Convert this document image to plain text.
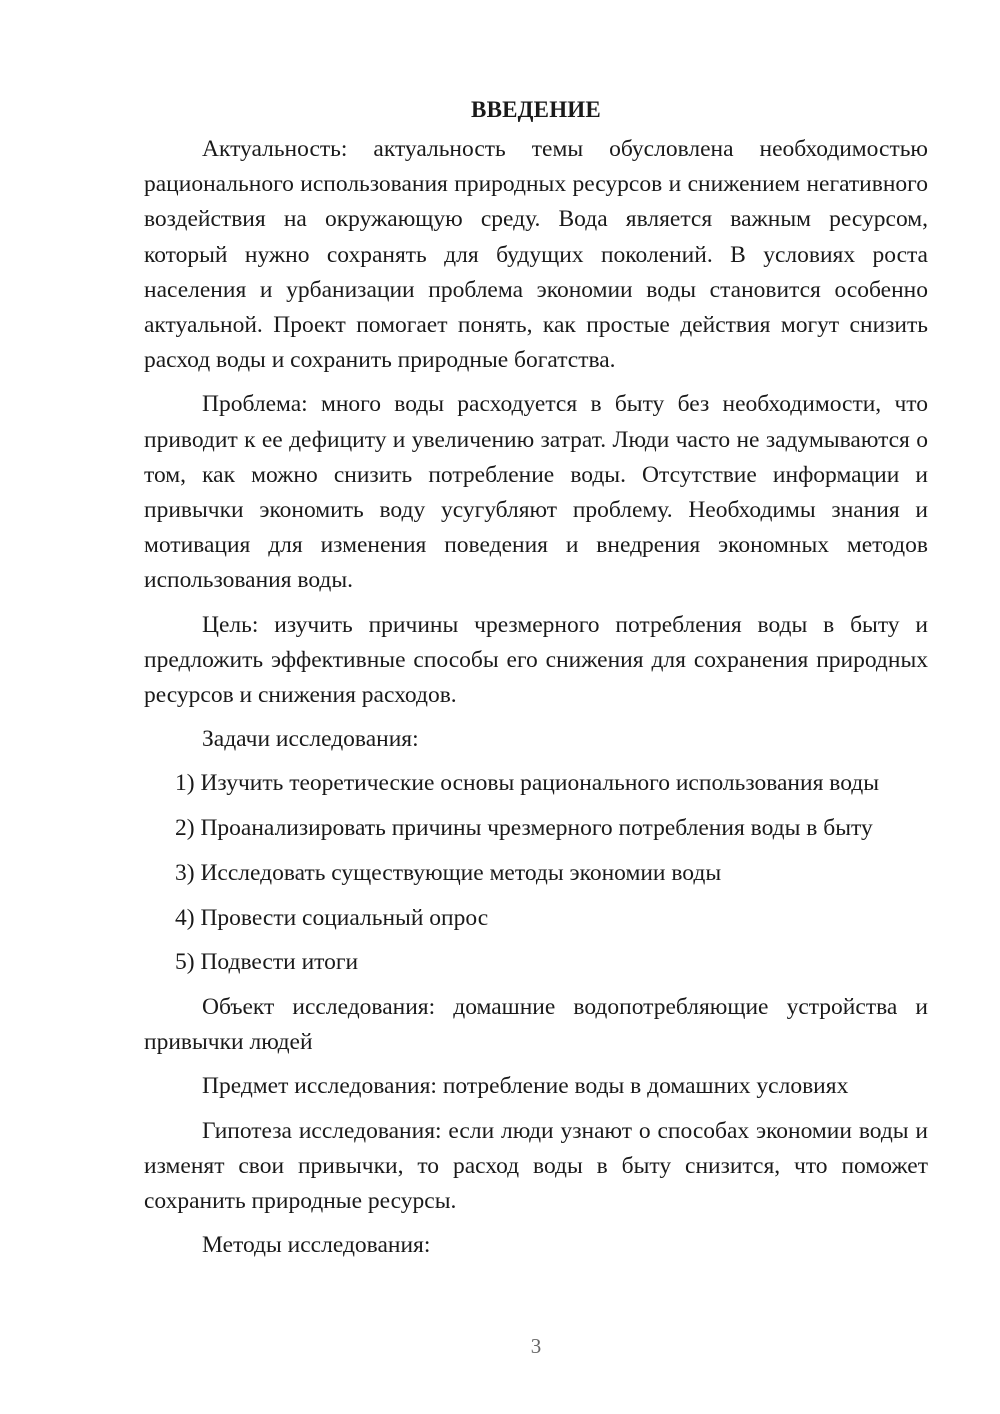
ВВЕДЕНИЕ

Актуальность: актуальность темы обусловлена необходимостью рационального использования природных ресурсов и снижением негативного воздействия на окружающую среду. Вода является важным ресурсом, который нужно сохранять для будущих поколений. В условиях роста населения и урбанизации проблема экономии воды становится особенно актуальной. Проект помогает понять, как простые действия могут снизить расход воды и сохранить природные богатства.

Проблема: много воды расходуется в быту без необходимости, что приводит к ее дефициту и увеличению затрат. Люди часто не задумываются о том, как можно снизить потребление воды. Отсутствие информации и привычки экономить воду усугубляют проблему. Необходимы знания и мотивация для изменения поведения и внедрения экономных методов использования воды.

Цель: изучить причины чрезмерного потребления воды в быту и предложить эффективные способы его снижения для сохранения природных ресурсов и снижения расходов.

Задачи исследования:

1) Изучить теоретические основы рационального использования воды
2) Проанализировать причины чрезмерного потребления воды в быту
3) Исследовать существующие методы экономии воды
4) Провести социальный опрос
5) Подвести итоги

Объект исследования: домашние водопотребляющие устройства и привычки людей

Предмет исследования: потребление воды в домашних условиях

Гипотеза исследования: если люди узнают о способах экономии воды и изменят свои привычки, то расход воды в быту снизится, что поможет сохранить природные ресурсы.

Методы исследования:

3
